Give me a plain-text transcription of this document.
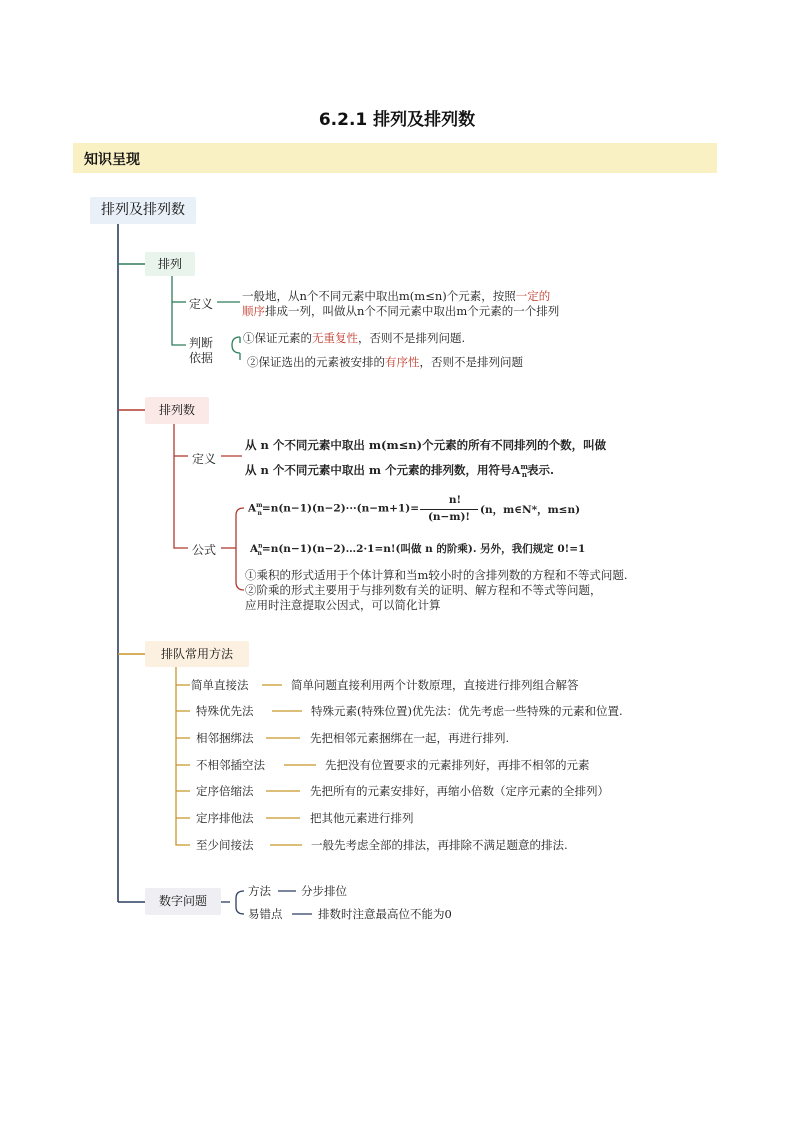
6.2.1 排列及排列数
知识呈现
排列及排列数
排列
定义
一般地，从n个不同元素中取出m(m≤n)个元素，按照一定的
顺序排成一列，叫做从n个不同元素中取出m个元素的一个排列
判断
依据
①保证元素的无重复性，否则不是排列问题.
②保证选出的元素被安排的有序性，否则不是排列问题
排列数
定义
从 n 个不同元素中取出 m(m≤n)个元素的所有不同排列的个数，叫做
从 n 个不同元素中取出 m 个元素的排列数，用符号$A^m_n$表示.
$A^m_n=n(n-1)(n-2)\cdot\cdot\cdot(n-m+1)=$
n!
(n−m)!
(n，m∈N*，m≤n)
公式	$A^n_n=n(n-1)(n-2)\dots 2\cdot 1=n$!(叫做 n 的阶乘). 另外，我们规定 0!=1
①乘积的形式适用于个体计算和当m较小时的含排列数的方程和不等式问题.
②阶乘的形式主要用于与排列数有关的证明、解方程和不等式等问题，
应用时注意提取公因式，可以简化计算
排队常用方法
简单直接法	简单问题直接利用两个计数原理，直接进行排列组合解答
特殊优先法	特殊元素(特殊位置)优先法：优先考虑一些特殊的元素和位置.
相邻捆绑法	先把相邻元素捆绑在一起，再进行排列.
不相邻插空法	先把没有位置要求的元素排列好，再排不相邻的元素
定序倍缩法	先把所有的元素安排好，再缩小倍数（定序元素的全排列）
定序排他法	把其他元素进行排列
至少间接法	一般先考虑全部的排法，再排除不满足题意的排法.
数字问题
方法	分步排位
易错点	排数时注意最高位不能为0
